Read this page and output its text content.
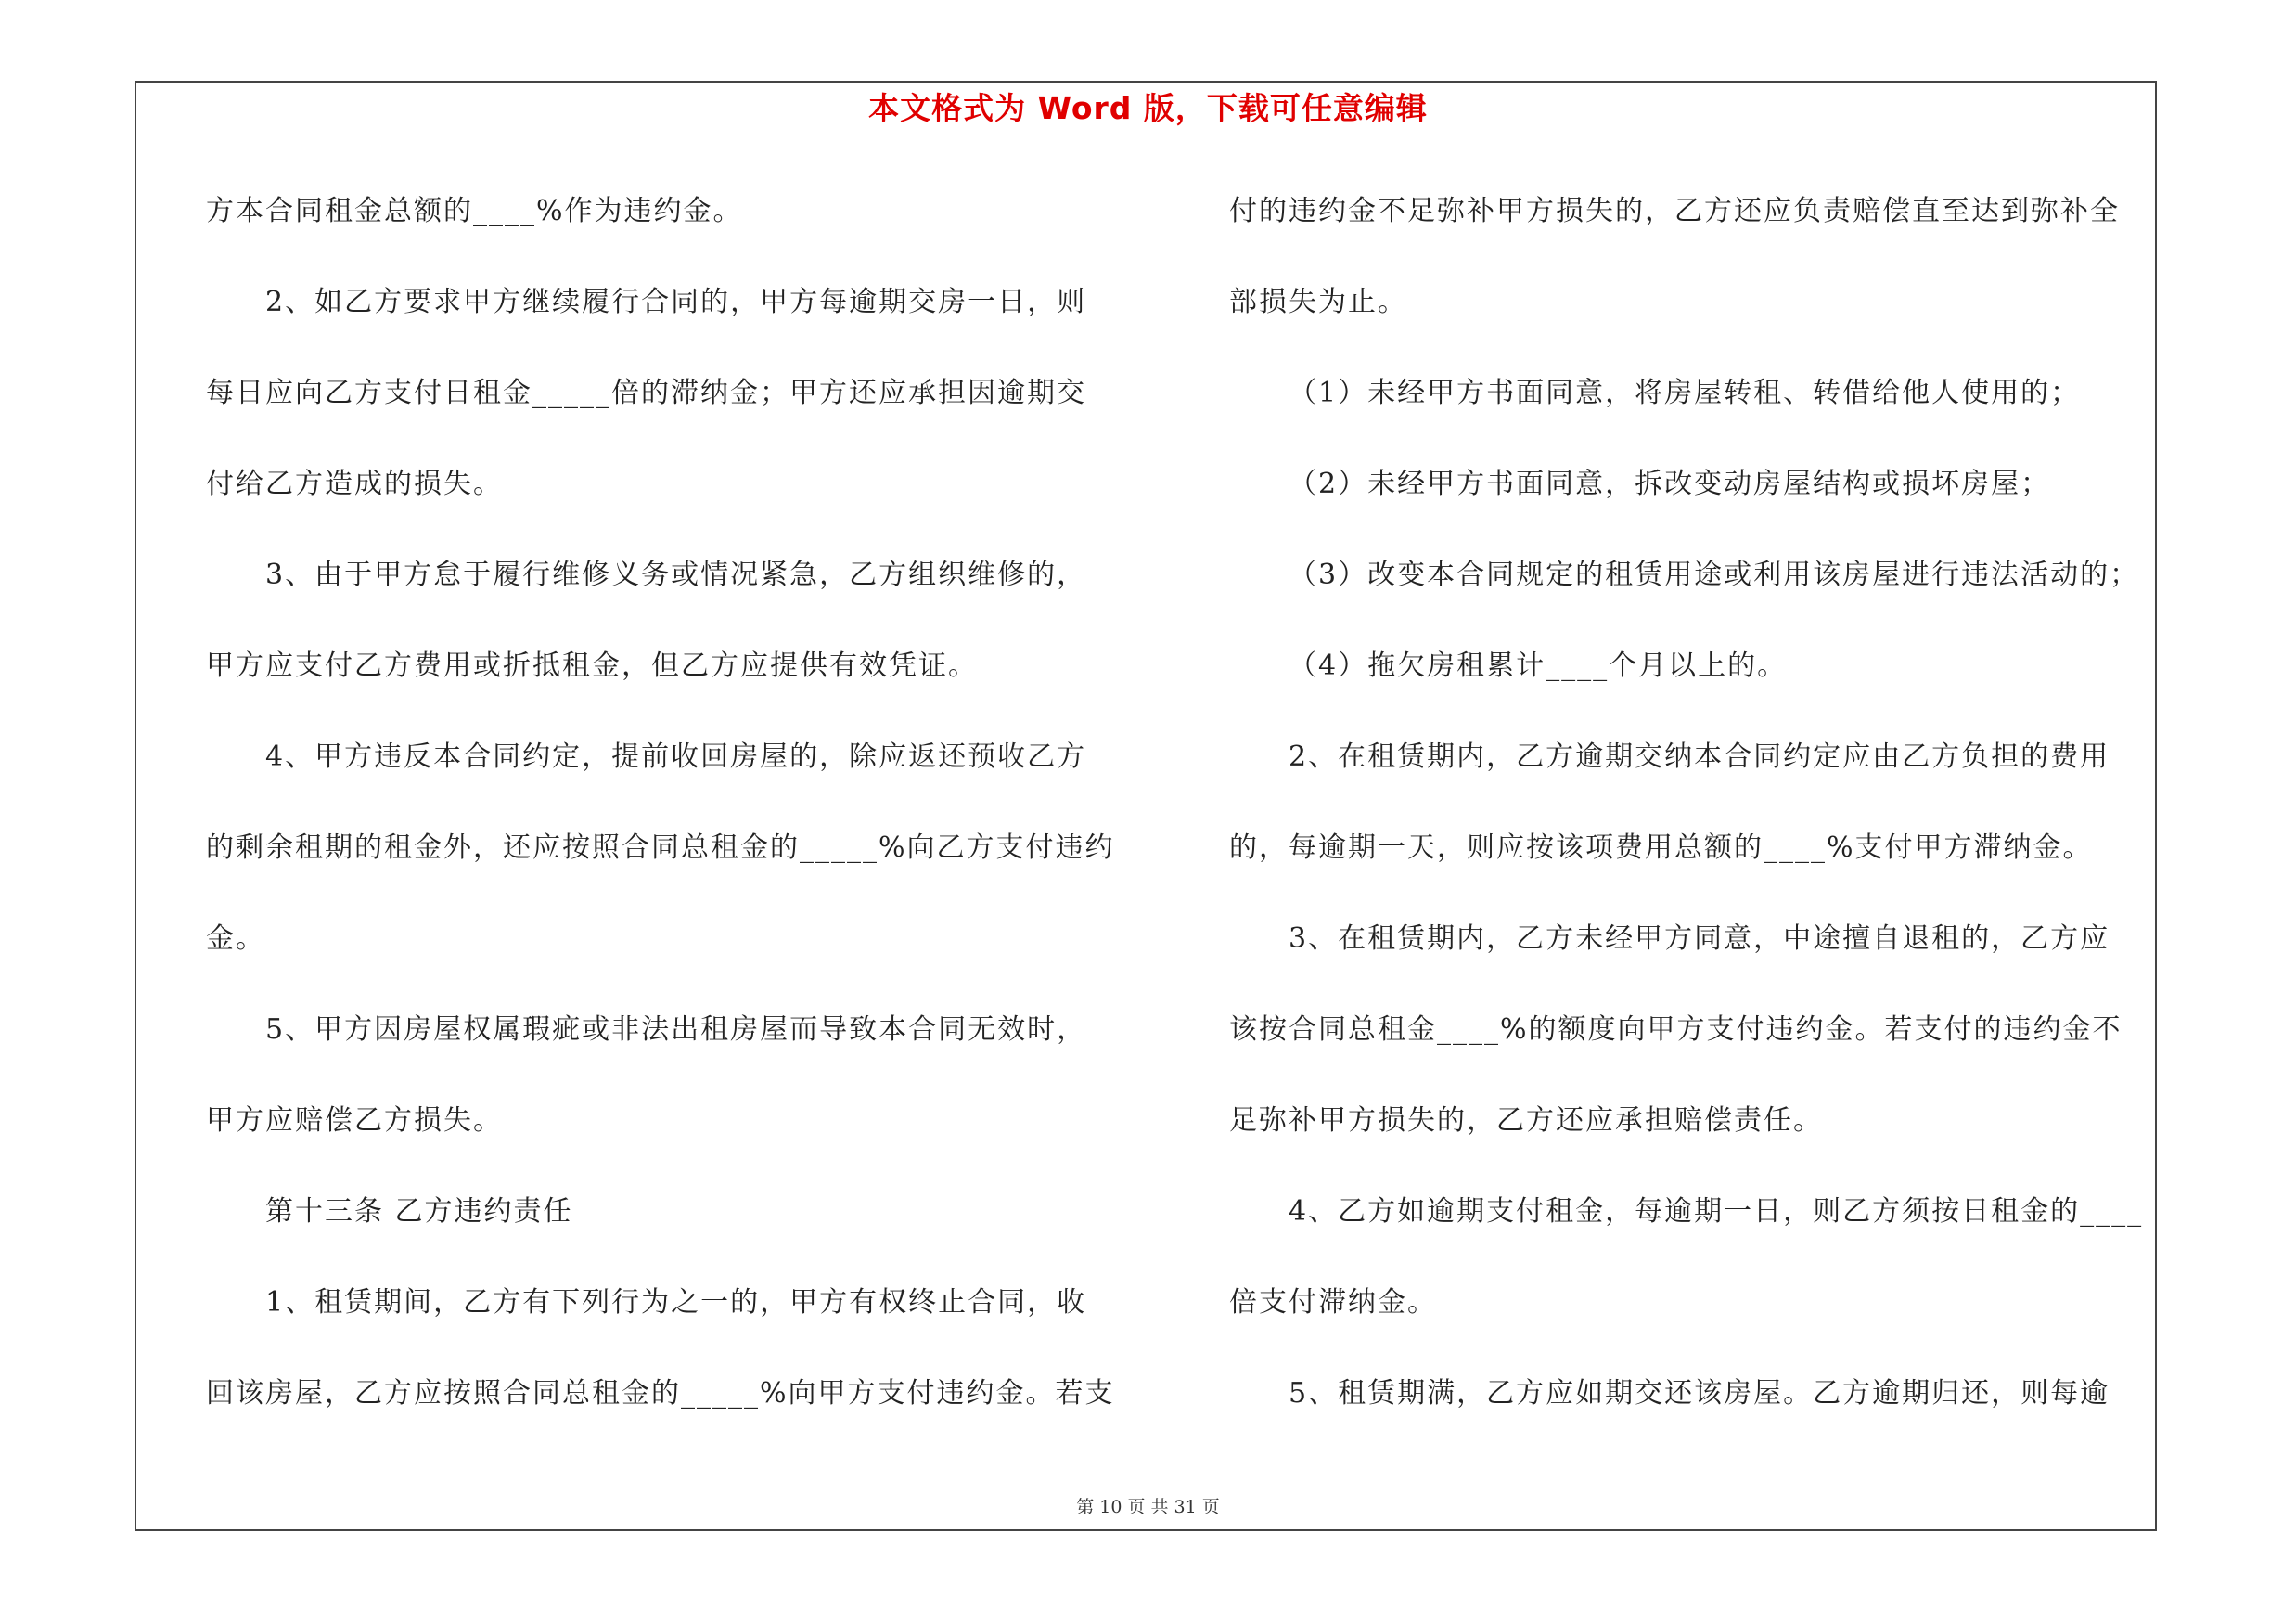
本文格式为 Word 版，下载可任意编辑
方本合同租金总额的____%作为违约金。
2、如乙方要求甲方继续履行合同的，甲方每逾期交房一日，则
每日应向乙方支付日租金_____倍的滞纳金；甲方还应承担因逾期交
付给乙方造成的损失。
3、由于甲方怠于履行维修义务或情况紧急，乙方组织维修的，
甲方应支付乙方费用或折抵租金，但乙方应提供有效凭证。
4、甲方违反本合同约定，提前收回房屋的，除应返还预收乙方
的剩余租期的租金外，还应按照合同总租金的_____%向乙方支付违约
金。
5、甲方因房屋权属瑕疵或非法出租房屋而导致本合同无效时，
甲方应赔偿乙方损失。
第十三条 乙方违约责任
1、租赁期间，乙方有下列行为之一的，甲方有权终止合同，收
回该房屋，乙方应按照合同总租金的_____%向甲方支付违约金。若支
付的违约金不足弥补甲方损失的，乙方还应负责赔偿直至达到弥补全
部损失为止。
（1）未经甲方书面同意，将房屋转租、转借给他人使用的；
（2）未经甲方书面同意，拆改变动房屋结构或损坏房屋；
（3）改变本合同规定的租赁用途或利用该房屋进行违法活动的；
（4）拖欠房租累计____个月以上的。
2、在租赁期内，乙方逾期交纳本合同约定应由乙方负担的费用
的，每逾期一天，则应按该项费用总额的____%支付甲方滞纳金。
3、在租赁期内，乙方未经甲方同意，中途擅自退租的，乙方应
该按合同总租金____%的额度向甲方支付违约金。若支付的违约金不
足弥补甲方损失的，乙方还应承担赔偿责任。
4、乙方如逾期支付租金，每逾期一日，则乙方须按日租金的____
倍支付滞纳金。
5、租赁期满，乙方应如期交还该房屋。乙方逾期归还，则每逾
第 10 页 共 31 页
